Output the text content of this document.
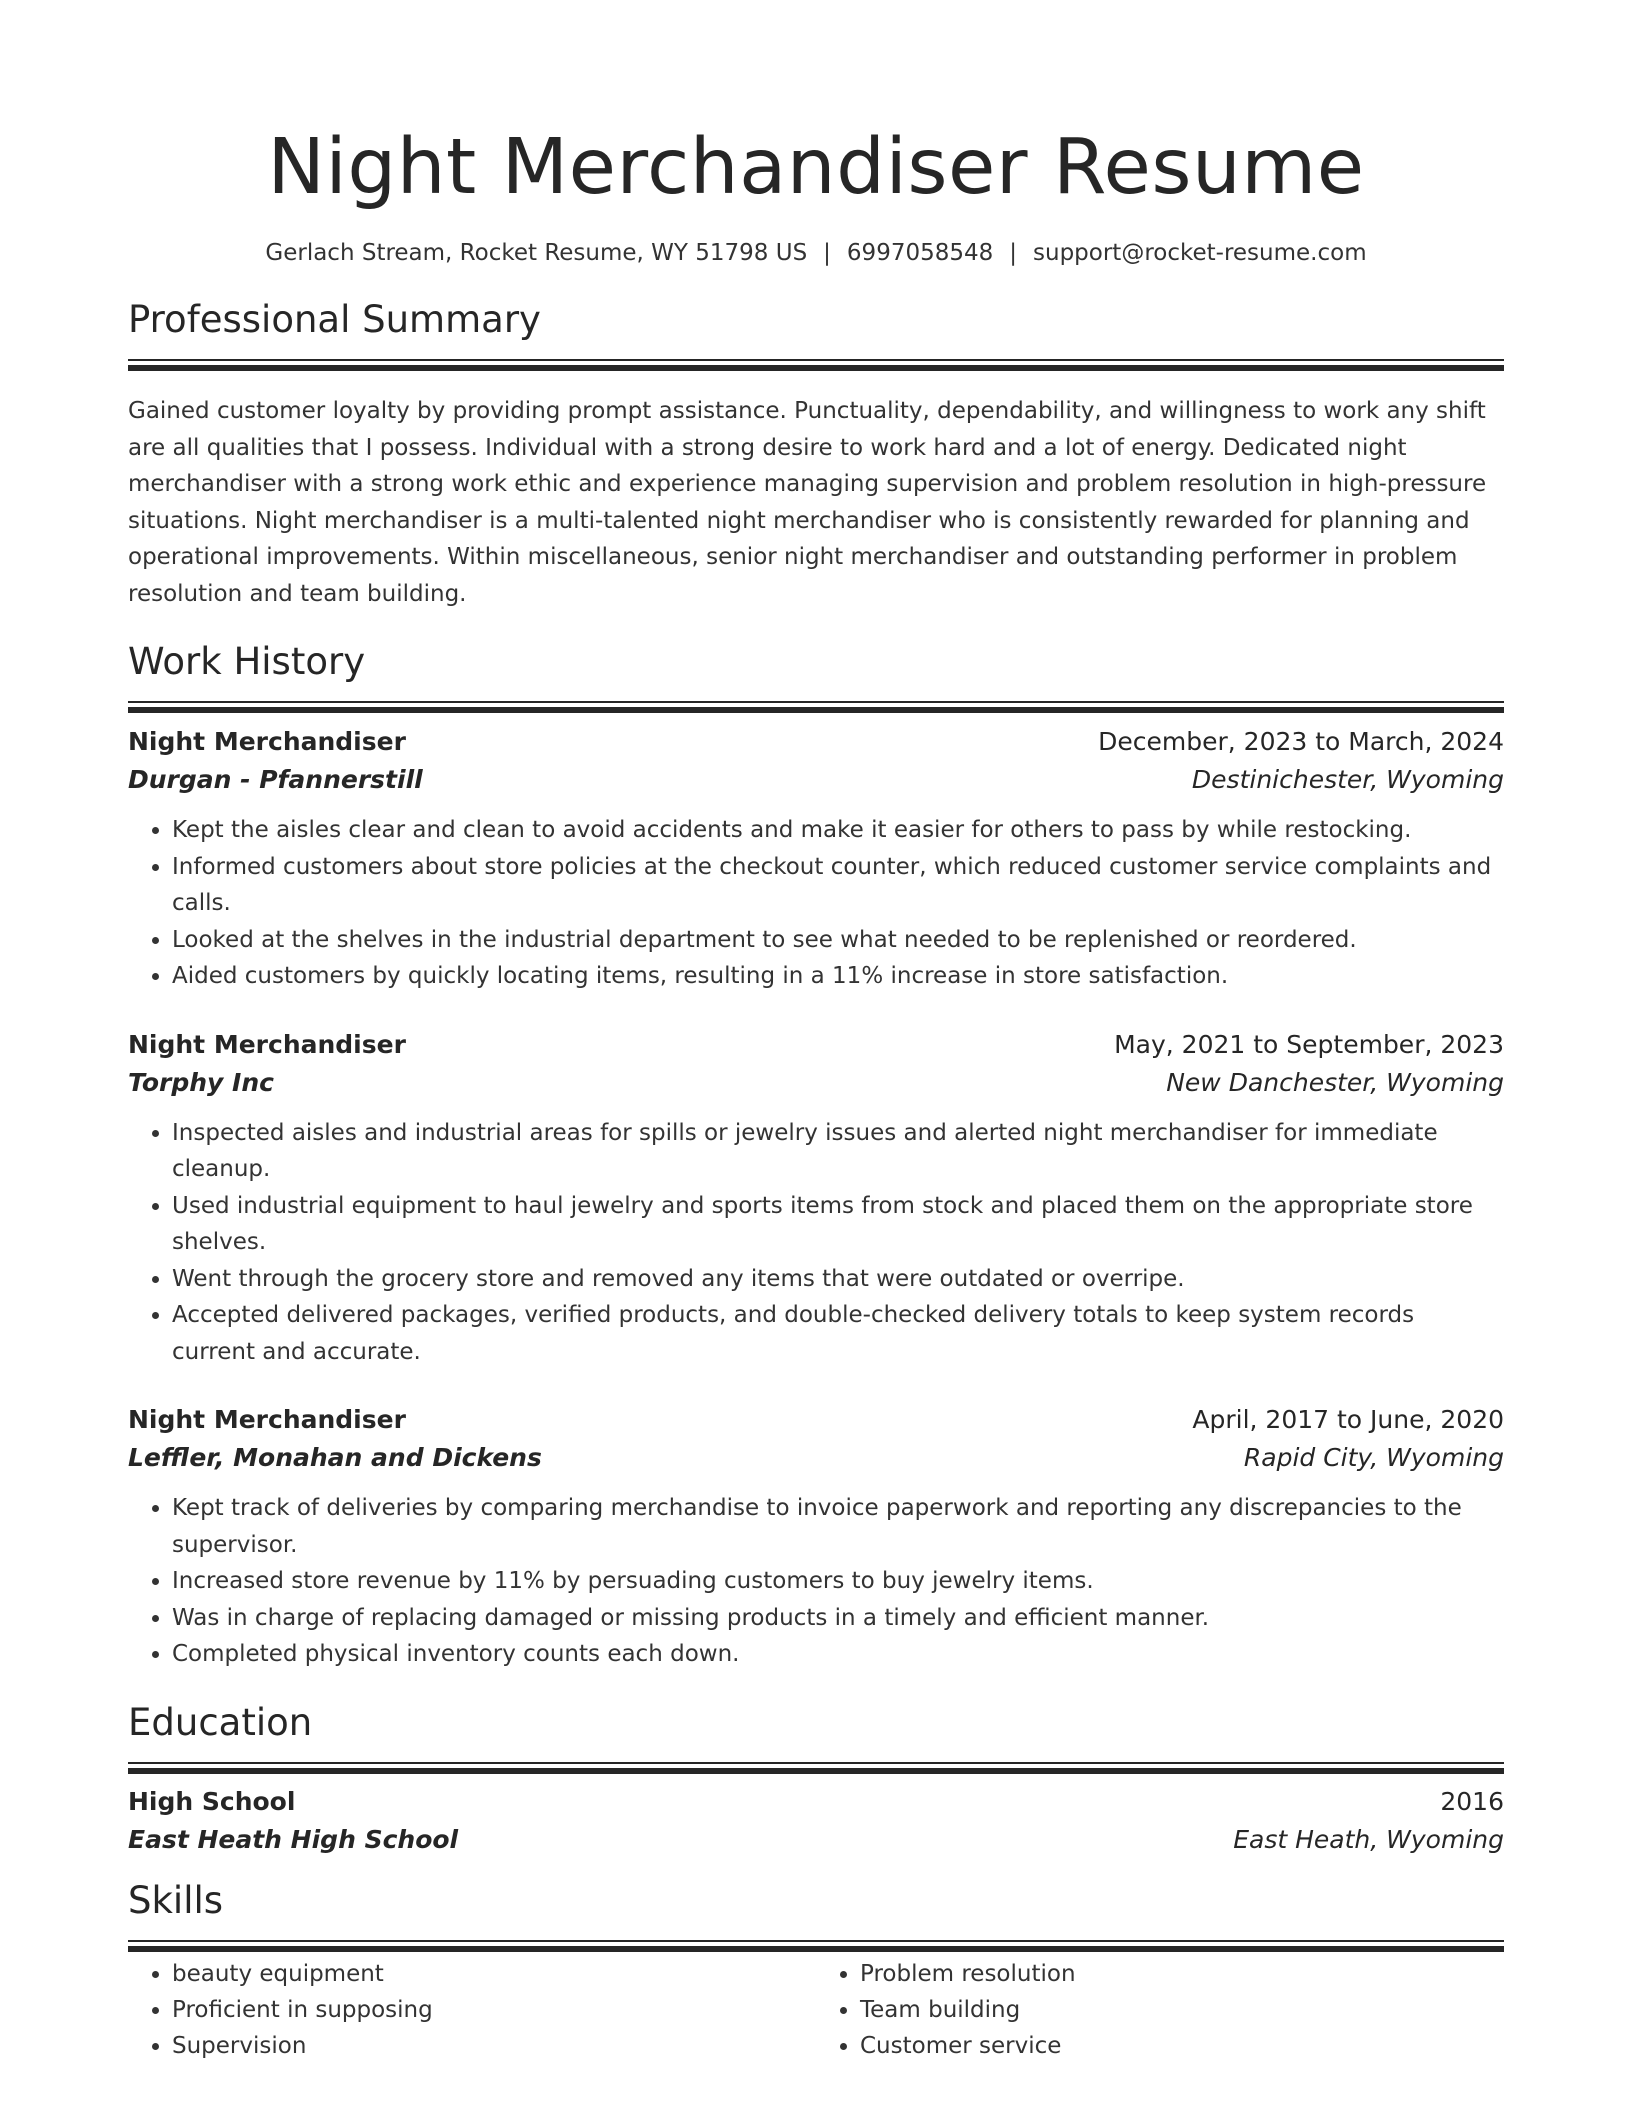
Night Merchandiser Resume
Gerlach Stream, Rocket Resume, WY 51798 US | 6997058548 | support@rocket-resume.com
Professional Summary
Gained customer loyalty by providing prompt assistance. Punctuality, dependability, and willingness to work any shift are all qualities that I possess. Individual with a strong desire to work hard and a lot of energy. Dedicated night merchandiser with a strong work ethic and experience managing supervision and problem resolution in high-pressure situations. Night merchandiser is a multi-talented night merchandiser who is consistently rewarded for planning and operational improvements. Within miscellaneous, senior night merchandiser and outstanding performer in problem resolution and team building.
Work History
Night Merchandiser	December, 2023 to March, 2024
Durgan - Pfannerstill	Destinichester, Wyoming
• Kept the aisles clear and clean to avoid accidents and make it easier for others to pass by while restocking.
• Informed customers about store policies at the checkout counter, which reduced customer service complaints and calls.
• Looked at the shelves in the industrial department to see what needed to be replenished or reordered.
• Aided customers by quickly locating items, resulting in a 11% increase in store satisfaction.
Night Merchandiser	May, 2021 to September, 2023
Torphy Inc	New Danchester, Wyoming
• Inspected aisles and industrial areas for spills or jewelry issues and alerted night merchandiser for immediate cleanup.
• Used industrial equipment to haul jewelry and sports items from stock and placed them on the appropriate store shelves.
• Went through the grocery store and removed any items that were outdated or overripe.
• Accepted delivered packages, verified products, and double-checked delivery totals to keep system records current and accurate.
Night Merchandiser	April, 2017 to June, 2020
Leffler, Monahan and Dickens	Rapid City, Wyoming
• Kept track of deliveries by comparing merchandise to invoice paperwork and reporting any discrepancies to the supervisor.
• Increased store revenue by 11% by persuading customers to buy jewelry items.
• Was in charge of replacing damaged or missing products in a timely and efficient manner.
• Completed physical inventory counts each down.
Education
High School	2016
East Heath High School	East Heath, Wyoming
Skills
• beauty equipment
• Proficient in supposing
• Supervision
• Problem resolution
• Team building
• Customer service
